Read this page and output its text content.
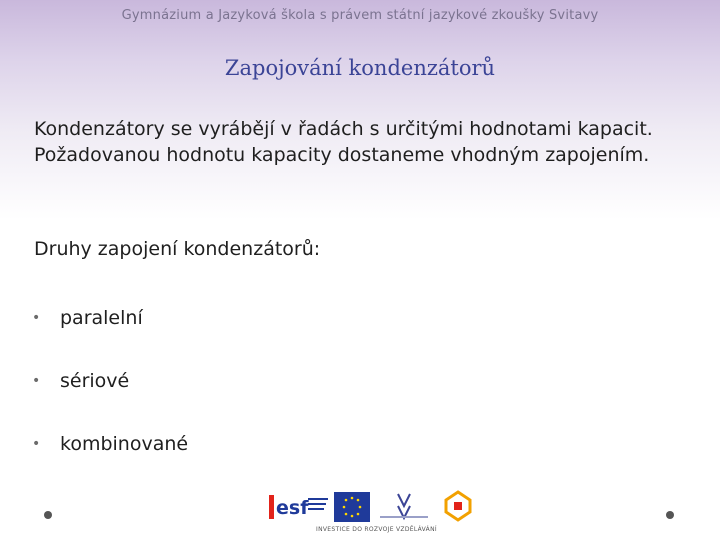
Gymnázium a Jazyková škola s právem státní jazykové zkoušky Svitavy
Zapojování kondenzátorů
Kondenzátory se vyrábějí v řadách s určitými hodnotami kapacit. Požadovanou hodnotu kapacity dostaneme vhodným zapojením.
Druhy zapojení kondenzátorů:
•	paralelní
•	sériové
•	kombinované
esf
INVESTICE DO ROZVOJE VZDĚLÁVÁNÍ
